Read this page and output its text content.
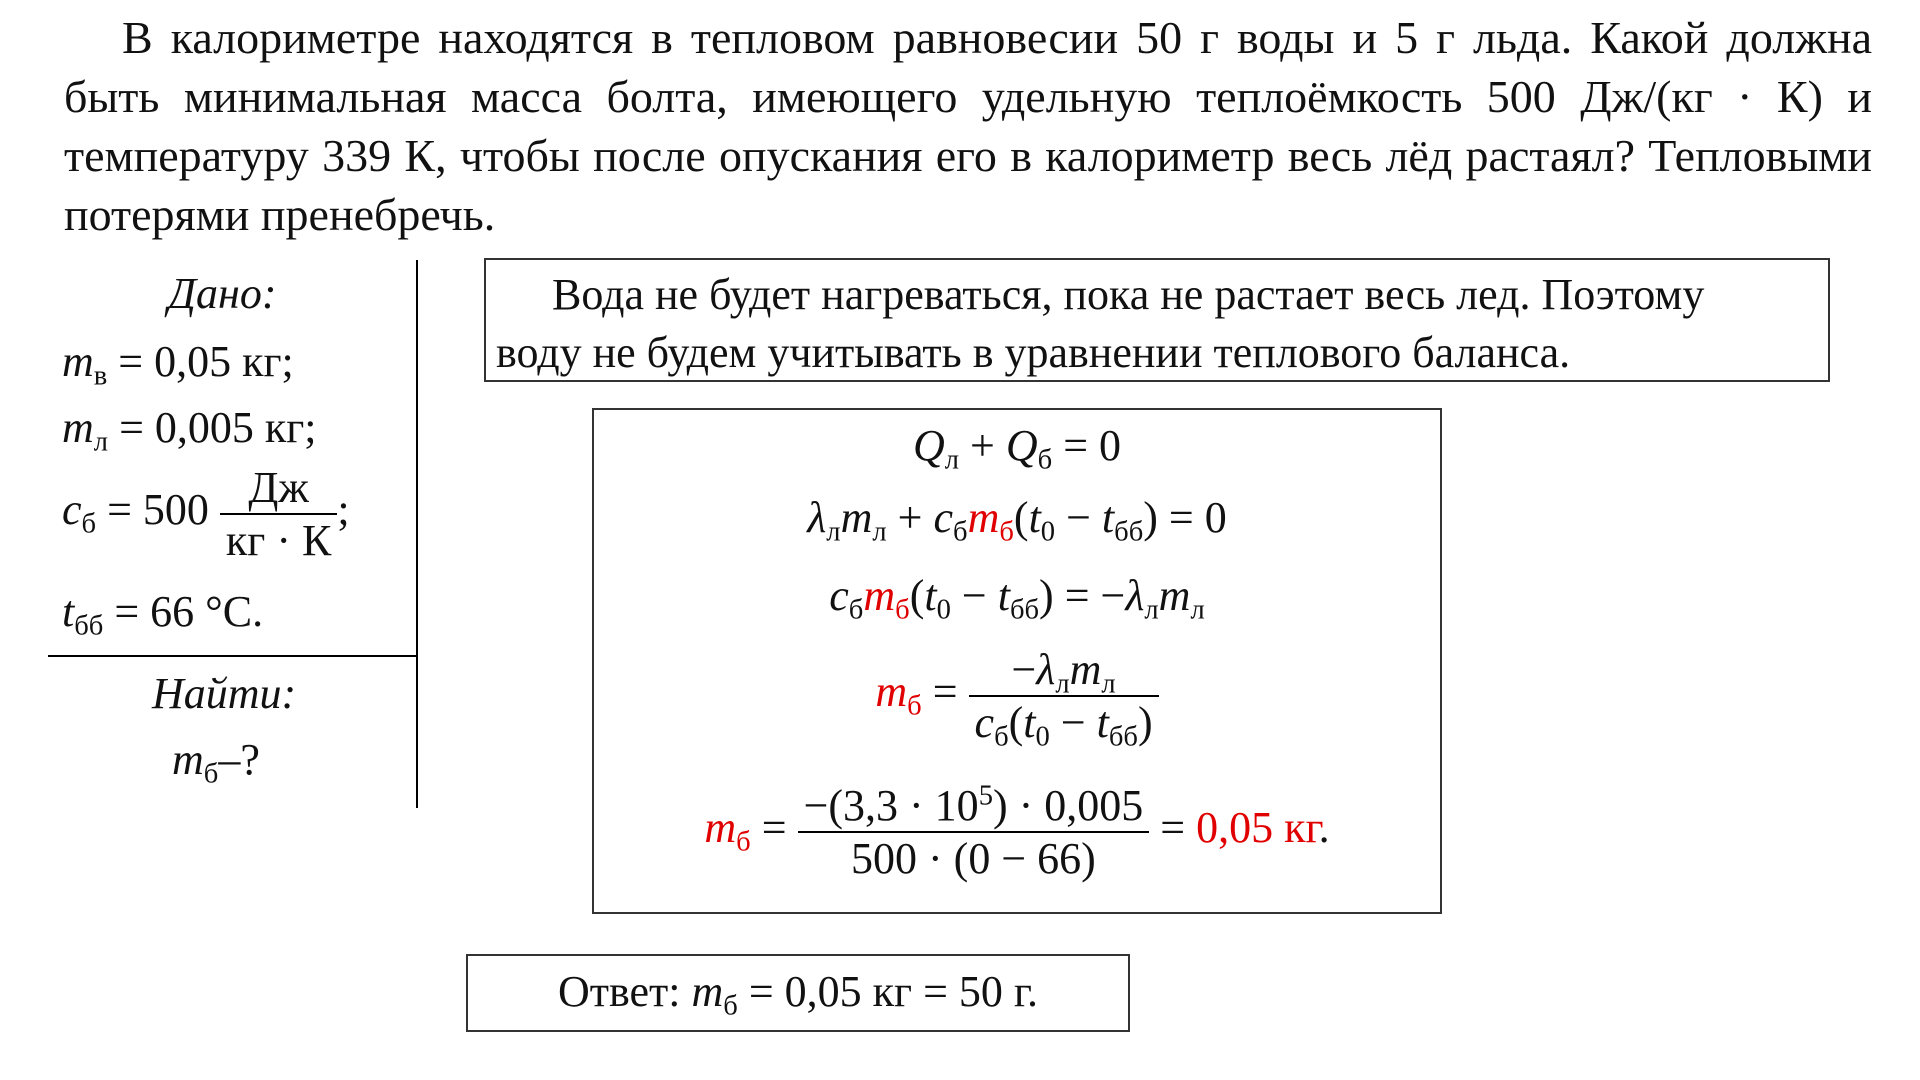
В калориметре находятся в тепловом равновесии 50 г воды и 5 г льда. Какой должна быть минимальная масса болта, имеющего удельную теплоёмкость 500 Дж/(кг · К) и температуру 339 К, чтобы после опускания его в калориметр весь лёд растаял? Тепловыми потерями пренебречь.
Дано:
$m_в = 0,05$ кг;
$m_л = 0,005$ кг;
$c_б = 500 \frac{Дж}{кг \cdot К}$ ;
$t_{бб} = 66$ °С.
Найти:
$m_б-$?
Вода не будет нагреваться, пока не растает весь лед. Поэтому
воду не будем учитывать в уравнении теплового баланса.
$Q_л + Q_б = 0$
$\lambda_лm_л + c_бm_б(t_0 - t_{бб}) = 0$
$c_бm_б(t_0 - t_{бб}) = -\lambda_лm_л$
$m_б = \frac{-\lambda_лm_л}{c_б(t_0 - t_{бб})}$
$m_б = \frac{-(3,3 \cdot 10^5) \cdot 0,005}{500 \cdot (0 - 66)} = 0,05$ кг.
Ответ: $m_б = 0,05$ кг = 50 г.
